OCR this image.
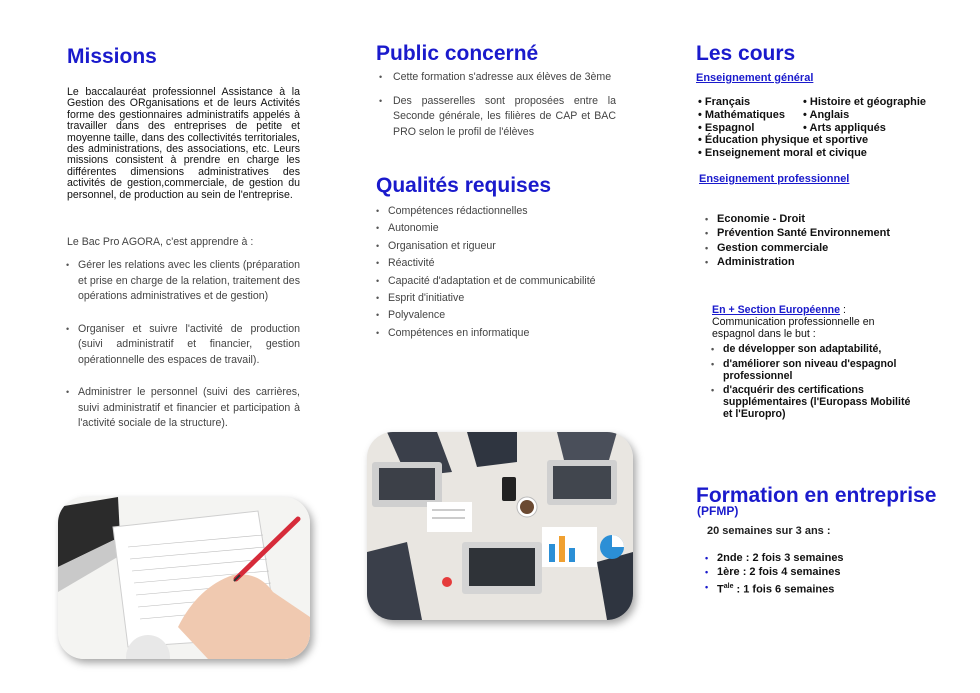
Missions
Le baccalauréat professionnel Assistance à la Gestion des ORganisations et de leurs Activités forme des gestionnaires administratifs appelés à travailler dans des entreprises de petite et moyenne taille, dans des collectivités territoriales, des administrations, des associations, etc. Leurs missions consistent à prendre en charge les différentes dimensions administratives des activités de gestion,commerciale, de gestion du personnel, de production au sein de l'entreprise.
Le Bac Pro AGORA, c'est apprendre à :
• Gérer les relations avec les clients (préparation et prise en charge de la relation, traitement des opérations administratives et de gestion)
• Organiser et suivre l'activité de production (suivi administratif et financier, gestion opérationnelle des espaces de travail).
• Administrer le personnel (suivi des carrières, suivi administratif et financier et participation à l'activité sociale de la structure).
Public concerné
• Cette formation s'adresse aux élèves de 3ème
• Des passerelles sont proposées entre la Seconde générale, les filières de CAP et BAC PRO selon le profil de l'élèves
Qualités requises
• Compétences rédactionnelles
• Autonomie
• Organisation et rigueur
• Réactivité
• Capacité d'adaptation et de communicabilité
• Esprit d'initiative
• Polyvalence
• Compétences en informatique
Les cours
Enseignement général
• Français
• Mathématiques
• Espagnol
• Histoire et géographie
• Anglais
• Arts appliqués
• Éducation physique et sportive
• Enseignement moral et civique
Enseignement professionnel
• Economie - Droit
• Prévention Santé Environnement
• Gestion commerciale
• Administration
En + Section Européenne : Communication professionnelle en espagnol dans le but :
• de développer son adaptabilité,
• d'améliorer son niveau d'espagnol professionnel
• d'acquérir des certifications supplémentaires (l'Europass Mobilité et l'Europro)
Formation en entreprise
(PFMP)
20 semaines sur 3 ans :
• 2nde : 2 fois 3 semaines
• 1ère : 2 fois 4 semaines
• $T^{ale}$ : 1 fois 6 semaines
